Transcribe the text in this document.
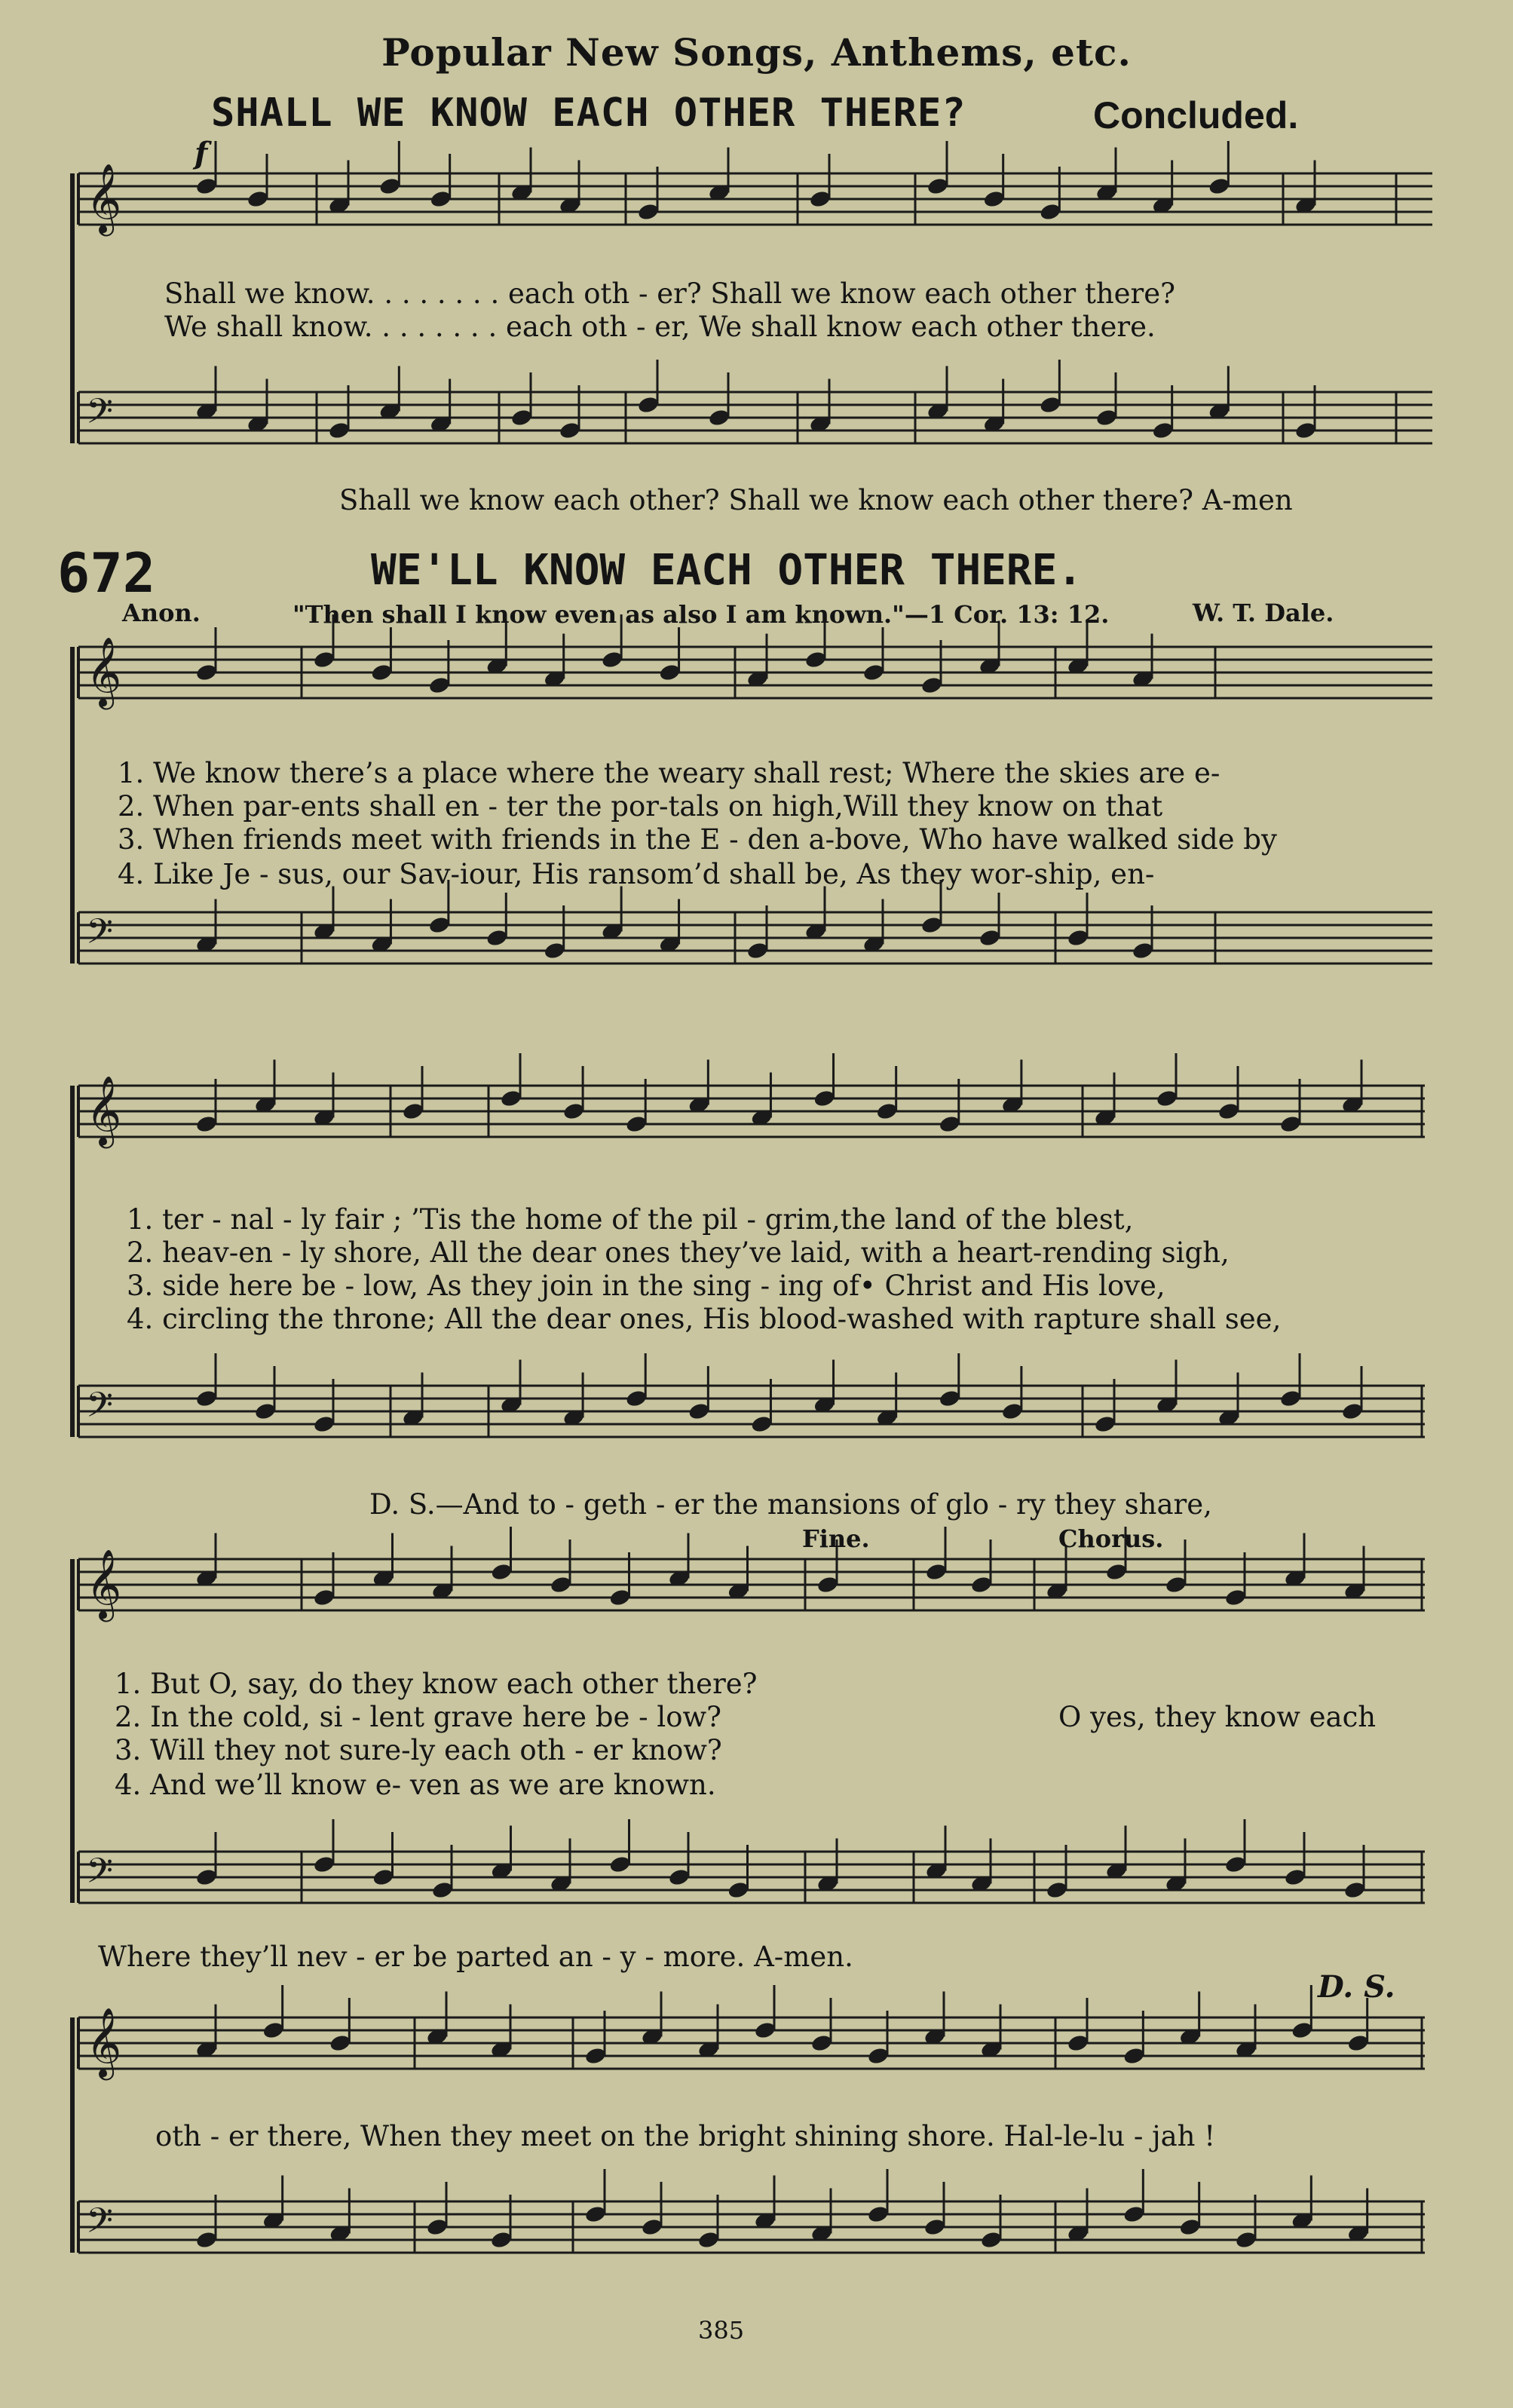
𝄞
𝄢
𝄞
𝄢
𝄞
𝄢
𝄞
𝄢
𝄞
𝄢
Popular New Songs, Anthems, etc.
SHALL WE KNOW EACH OTHER THERE?	Concluded.
f
Shall we know. . . . . . . . each oth - er? Shall we know each other there?
We shall know. . . . . . . . each oth - er, We shall know each other there.
Shall we know each other? Shall we know each other there? A-men
672	WE'LL KNOW EACH OTHER THERE.
Anon.	"Then shall I know even as also I am known."—1 Cor. 13: 12.	W. T. Dale.
1. We know there’s a place where the weary shall rest; Where the skies are e-
2. When par-ents shall en - ter the por-tals on high,Will they know on that
3. When friends meet with friends in the E - den a-bove, Who have walked side by
4. Like Je - sus, our Sav-iour, His ransom’d shall be, As they wor-ship, en-
1. ter - nal - ly fair ; ’Tis the home of the pil - grim,the land of the blest,
2. heav-en - ly shore, All the dear ones they’ve laid, with a heart-rending sigh,
3. side here be - low, As they join in the sing - ing of• Christ and His love,
4. circling the throne; All the dear ones, His blood-washed with rapture shall see,
D. S.—And to - geth - er the mansions of glo - ry they share,
Fine.	Chorus.
1. But O, say, do they know each other there?
2. In the cold, si - lent grave here be - low?
3. Will they not sure-ly each oth - er know?
4. And we’ll know e- ven as we are known.
O yes, they know each
Where they’ll nev - er be parted an - y - more. A-men.
D. S.
oth - er there, When they meet on the bright shining shore. Hal-le-lu - jah !
385
